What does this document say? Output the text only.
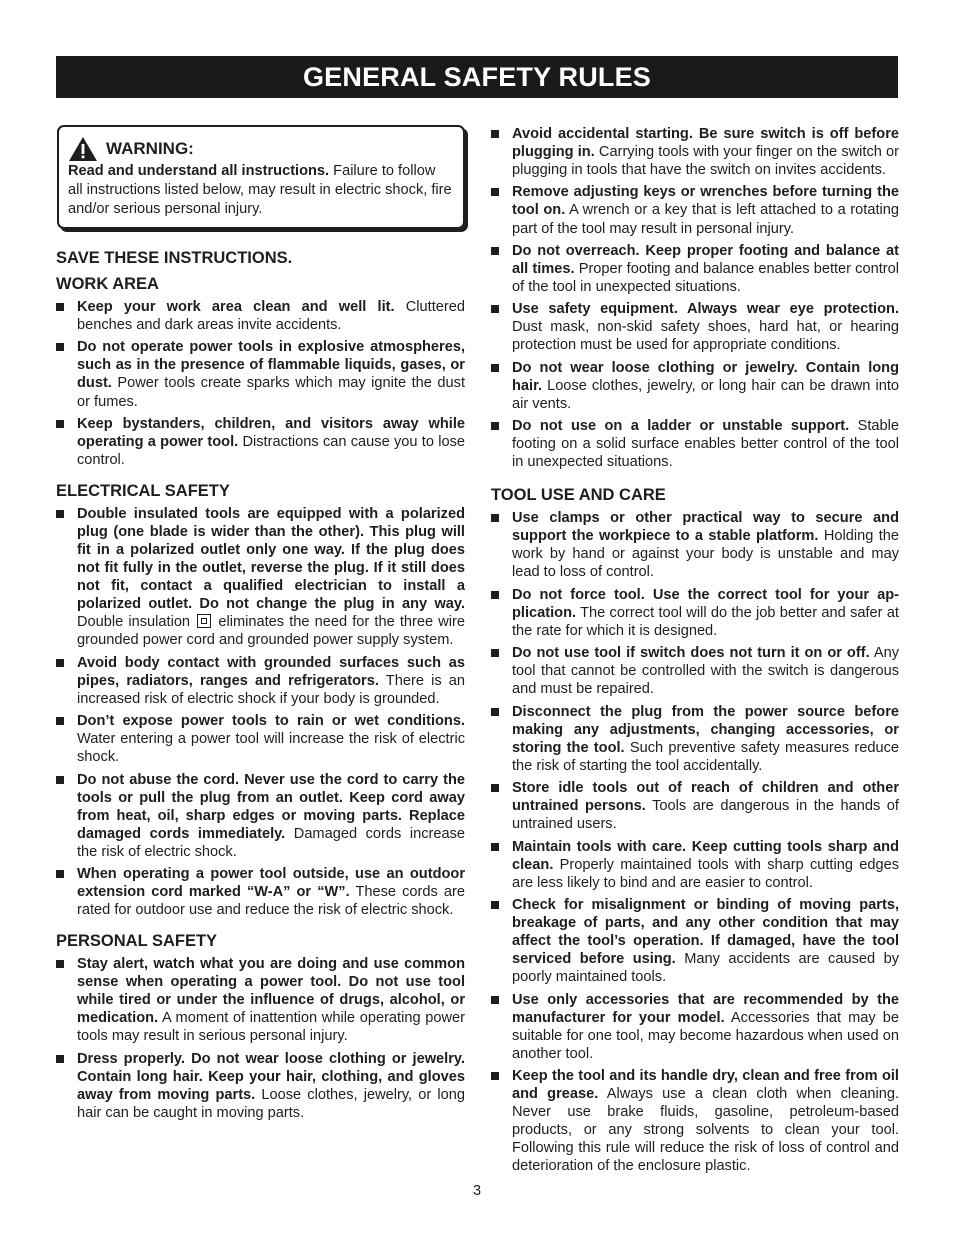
GENERAL SAFETY RULES
WARNING:
Read and understand all instructions. Failure to follow all instructions listed below, may result in electric shock, fire and/or serious personal injury.
SAVE THESE INSTRUCTIONS.
WORK AREA
Keep your work area clean and well lit. Cluttered benches and dark areas invite accidents.
Do not operate power tools in explosive atmospheres, such as in the presence of flammable liquids, gases, or dust. Power tools create sparks which may ignite the dust or fumes.
Keep bystanders, children, and visitors away while operating a power tool. Distractions can cause you to lose control.
ELECTRICAL SAFETY
Double insulated tools are equipped with a polarized plug (one blade is wider than the other). This plug will fit in a polarized outlet only one way. If the plug does not fit fully in the outlet, reverse the plug. If it still does not fit, contact a qualified electrician to install a polarized outlet. Do not change the plug in any way. Double insulation  eliminates the need for the three wire grounded power cord and grounded power supply system.
Avoid body contact with grounded surfaces such as pipes, radiators, ranges and refrigerators. There is an increased risk of electric shock if your body is grounded.
Don’t expose power tools to rain or wet conditions. Water entering a power tool will increase the risk of electric shock.
Do not abuse the cord. Never use the cord to carry the tools or pull the plug from an outlet. Keep cord away from heat, oil, sharp edges or moving parts. Replace damaged cords immediately. Damaged cords increase the risk of electric shock.
When operating a power tool outside, use an outdoor extension cord marked “W-A” or “W”. These cords are rated for outdoor use and reduce the risk of electric shock.
PERSONAL SAFETY
Stay alert, watch what you are doing and use common sense when operating a power tool. Do not use tool while tired or under the influence of drugs, alcohol, or medication. A moment of inattention while operating power tools may result in serious personal injury.
Dress properly. Do not wear loose clothing or jewelry. Contain long hair. Keep your hair, clothing, and gloves away from moving parts. Loose clothes, jewelry, or long hair can be caught in moving parts.
Avoid accidental starting. Be sure switch is off before plugging in. Carrying tools with your finger on the switch or plugging in tools that have the switch on invites accidents.
Remove adjusting keys or wrenches before turning the tool on. A wrench or a key that is left attached to a rotating part of the tool may result in personal injury.
Do not overreach. Keep proper footing and balance at all times. Proper footing and balance enables better control of the tool in unexpected situations.
Use safety equipment. Always wear eye protection. Dust mask, non-skid safety shoes, hard hat, or hearing protection must be used for appropriate conditions.
Do not wear loose clothing or jewelry. Contain long hair. Loose clothes, jewelry, or long hair can be drawn into air vents.
Do not use on a ladder or unstable support. Stable footing on a solid surface enables better control of the tool in unexpected situations.
TOOL USE AND CARE
Use clamps or other practical way to secure and support the workpiece to a stable platform. Holding the work by hand or against your body is unstable and may lead to loss of control.
Do not force tool. Use the correct tool for your application. The correct tool will do the job better and safer at the rate for which it is designed.
Do not use tool if switch does not turn it on or off. Any tool that cannot be controlled with the switch is dangerous and must be repaired.
Disconnect the plug from the power source before making any adjustments, changing accessories, or storing the tool. Such preventive safety measures reduce the risk of starting the tool accidentally.
Store idle tools out of reach of children and other untrained persons. Tools are dangerous in the hands of untrained users.
Maintain tools with care. Keep cutting tools sharp and clean. Properly maintained tools with sharp cutting edges are less likely to bind and are easier to control.
Check for misalignment or binding of moving parts, breakage of parts, and any other condition that may affect the tool’s operation. If damaged, have the tool serviced before using. Many accidents are caused by poorly maintained tools.
Use only accessories that are recommended by the manufacturer for your model. Accessories that may be suitable for one tool, may become hazardous when used on another tool.
Keep the tool and its handle dry, clean and free from oil and grease. Always use a clean cloth when cleaning. Never use brake fluids, gasoline, petroleum-based products, or any strong solvents to clean your tool. Following this rule will reduce the risk of loss of control and deterioration of the enclosure plastic.
3
